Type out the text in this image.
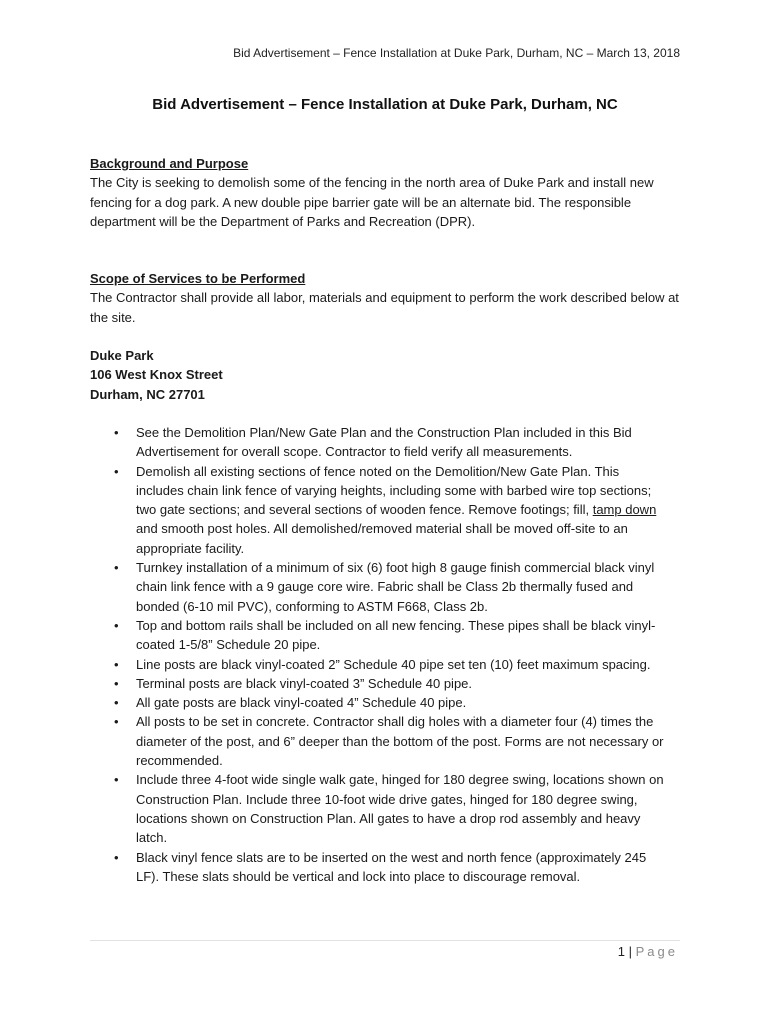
Bid Advertisement – Fence Installation at Duke Park, Durham, NC – March 13, 2018
Bid Advertisement – Fence Installation at Duke Park, Durham, NC

Background and Purpose

The City is seeking to demolish some of the fencing in the north area of Duke Park and install new fencing for a dog park. A new double pipe barrier gate will be an alternate bid. The responsible department will be the Department of Parks and Recreation (DPR).

Scope of Services to be Performed

The Contractor shall provide all labor, materials and equipment to perform the work described below at the site.

Duke Park

106 West Knox Street

Durham, NC 27701

• See the Demolition Plan/New Gate Plan and the Construction Plan included in this Bid Advertisement for overall scope. Contractor to field verify all measurements.
• Demolish all existing sections of fence noted on the Demolition/New Gate Plan. This includes chain link fence of varying heights, including some with barbed wire top sections; two gate sections; and several sections of wooden fence. Remove footings; fill, tamp down and smooth post holes. All demolished/removed material shall be moved off-site to an appropriate facility.
• Turnkey installation of a minimum of six (6) foot high 8 gauge finish commercial black vinyl chain link fence with a 9 gauge core wire. Fabric shall be Class 2b thermally fused and bonded (6-10 mil PVC), conforming to ASTM F668, Class 2b.
• Top and bottom rails shall be included on all new fencing. These pipes shall be black vinyl-coated 1-5/8” Schedule 20 pipe.
• Line posts are black vinyl-coated 2” Schedule 40 pipe set ten (10) feet maximum spacing.
• Terminal posts are black vinyl-coated 3” Schedule 40 pipe.
• All gate posts are black vinyl-coated 4” Schedule 40 pipe.
• All posts to be set in concrete. Contractor shall dig holes with a diameter four (4) times the diameter of the post, and 6” deeper than the bottom of the post. Forms are not necessary or recommended.
• Include three 4-foot wide single walk gate, hinged for 180 degree swing, locations shown on Construction Plan. Include three 10-foot wide drive gates, hinged for 180 degree swing, locations shown on Construction Plan. All gates to have a drop rod assembly and heavy latch.
• Black vinyl fence slats are to be inserted on the west and north fence (approximately 245 LF). These slats should be vertical and lock into place to discourage removal.
1 | Page
